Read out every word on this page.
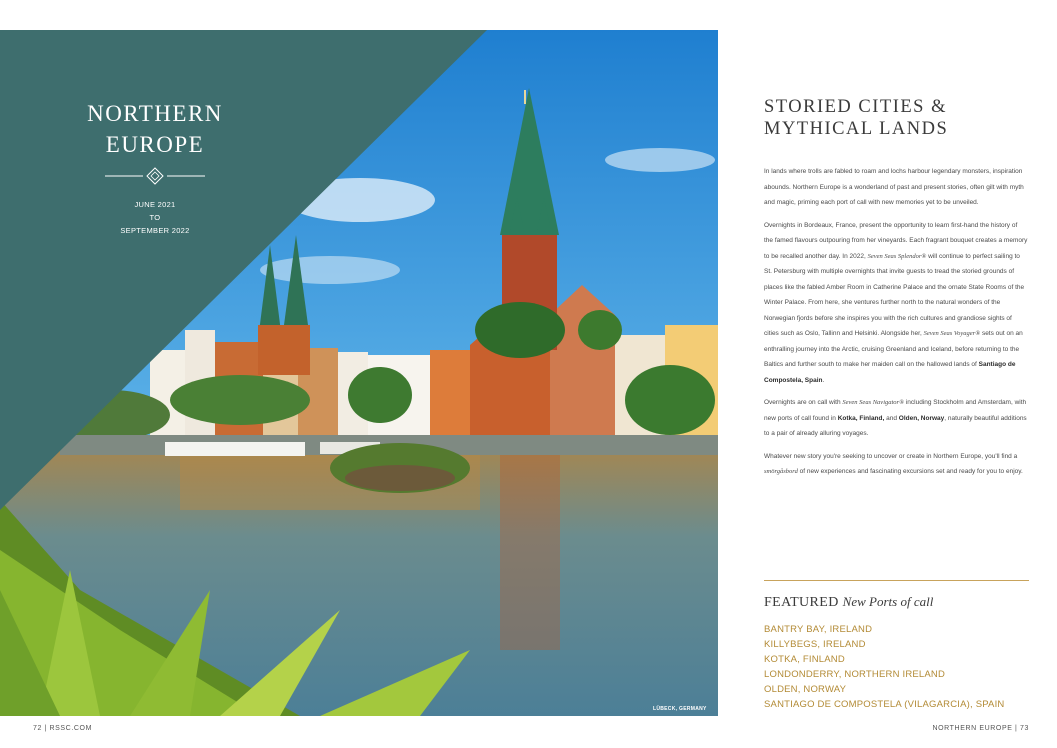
NORTHERN
EUROPE
JUNE 2021
TO
SEPTEMBER 2022
LÜBECK, GERMANY
72 | RSSC.COM
STORIED CITIES &
MYTHICAL LANDS

In lands where trolls are fabled to roam and lochs harbour legendary monsters, inspiration abounds. Northern Europe is a wonderland of past and present stories, often gilt with myth and magic, priming each port of call with new memories yet to be unveiled.

Overnights in Bordeaux, France, present the opportunity to learn first-hand the history of the famed flavours outpouring from her vineyards. Each fragrant bouquet creates a memory to be recalled another day. In 2022, Seven Seas Splendor® will continue to perfect sailing to St. Petersburg with multiple overnights that invite guests to tread the storied grounds of places like the fabled Amber Room in Catherine Palace and the ornate State Rooms of the Winter Palace. From here, she ventures further north to the natural wonders of the Norwegian fjords before she inspires you with the rich cultures and grandiose sights of cities such as Oslo, Tallinn and Helsinki. Alongside her, Seven Seas Voyager® sets out on an enthralling journey into the Arctic, cruising Greenland and Iceland, before returning to the Baltics and further south to make her maiden call on the hallowed lands of Santiago de Compostela, Spain.

Overnights are on call with Seven Seas Navigator® including Stockholm and Amsterdam, with new ports of call found in Kotka, Finland, and Olden, Norway, naturally beautiful additions to a pair of already alluring voyages.

Whatever new story you're seeking to uncover or create in Northern Europe, you'll find a smörgåsbord of new experiences and fascinating excursions set and ready for you to enjoy.

FEATURED New Ports of call
BANTRY BAY, IRELAND
KILLYBEGS, IRELAND
KOTKA, FINLAND
LONDONDERRY, NORTHERN IRELAND
OLDEN, NORWAY
SANTIAGO DE COMPOSTELA (VILAGARCIA), SPAIN
NORTHERN EUROPE | 73
